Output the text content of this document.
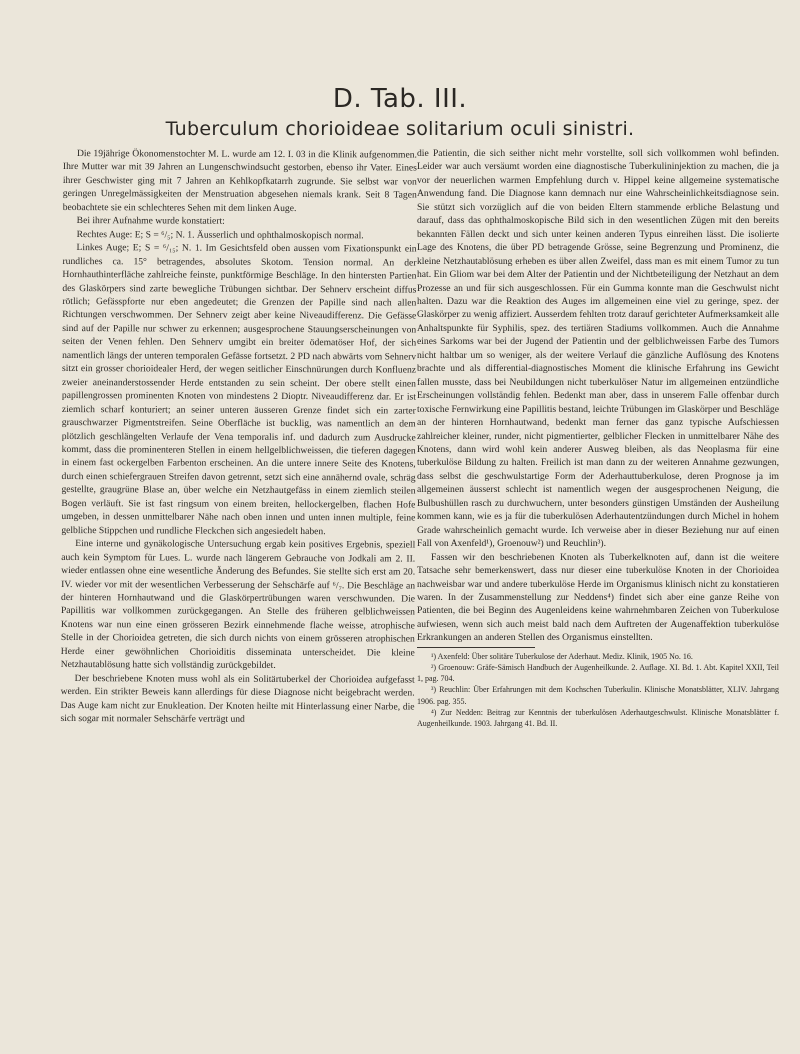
D. Tab. III.
Tuberculum chorioideae solitarium oculi sinistri.

Die 19jährige Ökonomenstochter M. L. wurde am 12. I. 03 in die Klinik aufgenommen. Ihre Mutter war mit 39 Jahren an Lungenschwindsucht gestorben, ebenso ihr Vater. Eines ihrer Geschwister ging mit 7 Jahren an Kehlkopfkatarrh zugrunde. Sie selbst war von geringen Unregelmässigkeiten der Menstruation abgesehen niemals krank. Seit 8 Tagen beobachtete sie ein schlechteres Sehen mit dem linken Auge.

Bei ihrer Aufnahme wurde konstatiert:

Rechtes Auge: E; S = ⁶/₅; N. 1. Äusserlich und ophthalmoskopisch normal.

Linkes Auge; E; S = ⁶/₁₅; N. 1. Im Gesichtsfeld oben aussen vom Fixationspunkt ein rundliches ca. 15° betragendes, absolutes Skotom. Tension normal. An der Hornhauthinterfläche zahlreiche feinste, punktförmige Beschläge. In den hintersten Partien des Glaskörpers sind zarte bewegliche Trübungen sichtbar. Der Sehnerv erscheint diffus rötlich; Gefässpforte nur eben angedeutet; die Grenzen der Papille sind nach allen Richtungen verschwommen. Der Sehnerv zeigt aber keine Niveaudifferenz. Die Gefässe sind auf der Papille nur schwer zu erkennen; ausgesprochene Stauungserscheinungen von seiten der Venen fehlen. Den Sehnerv umgibt ein breiter ödematöser Hof, der sich namentlich längs der unteren temporalen Gefässe fortsetzt. 2 PD nach abwärts vom Sehnerv sitzt ein grosser chorioidealer Herd, der wegen seitlicher Einschnürungen durch Konfluenz zweier aneinanderstossender Herde entstanden zu sein scheint. Der obere stellt einen papillengrossen prominenten Knoten von mindestens 2 Dioptr. Niveaudifferenz dar. Er ist ziemlich scharf konturiert; an seiner unteren äusseren Grenze findet sich ein zarter grauschwarzer Pigmentstreifen. Seine Oberfläche ist bucklig, was namentlich an dem plötzlich geschlängelten Verlaufe der Vena temporalis inf. und dadurch zum Ausdrucke kommt, dass die prominenteren Stellen in einem hellgelblichweissen, die tieferen dagegen in einem fast ockergelben Farbenton erscheinen. An die untere innere Seite des Knotens, durch einen schiefergrauen Streifen davon getrennt, setzt sich eine annähernd ovale, schräg gestellte, graugrüne Blase an, über welche ein Netzhautgefäss in einem ziemlich steilen Bogen verläuft. Sie ist fast ringsum von einem breiten, hellockergelben, flachen Hofe umgeben, in dessen unmittelbarer Nähe nach oben innen und unten innen multiple, feine gelbliche Stippchen und rundliche Fleckchen sich angesiedelt haben.

Eine interne und gynäkologische Untersuchung ergab kein positives Ergebnis, speziell auch kein Symptom für Lues. L. wurde nach längerem Gebrauche von Jodkali am 2. II. wieder entlassen ohne eine wesentliche Änderung des Befundes. Sie stellte sich erst am 20. IV. wieder vor mit der wesentlichen Verbesserung der Sehschärfe auf ⁶/₇. Die Beschläge an der hinteren Hornhautwand und die Glaskörpertrübungen waren verschwunden. Die Papillitis war vollkommen zurückgegangen. An Stelle des früheren gelblichweissen Knotens war nun eine einen grösseren Bezirk einnehmende flache weisse, atrophische Stelle in der Chorioidea getreten, die sich durch nichts von einem grösseren atrophischen Herde einer gewöhnlichen Chorioiditis disseminata unterscheidet. Die kleine Netzhautablösung hatte sich vollständig zurückgebildet.

Der beschriebene Knoten muss wohl als ein Solitärtuberkel der Chorioidea aufgefasst werden. Ein strikter Beweis kann allerdings für diese Diagnose nicht beigebracht werden. Das Auge kam nicht zur Enukleation. Der Knoten heilte mit Hinterlassung einer Narbe, die sich sogar mit normaler Sehschärfe verträgt und

die Patientin, die sich seither nicht mehr vorstellte, soll sich vollkommen wohl befinden. Leider war auch versäumt worden eine diagnostische Tuberkulininjektion zu machen, die ja vor der neuerlichen warmen Empfehlung durch v. Hippel keine allgemeine systematische Anwendung fand. Die Diagnose kann demnach nur eine Wahrscheinlichkeitsdiagnose sein. Sie stützt sich vorzüglich auf die von beiden Eltern stammende erbliche Belastung und darauf, dass das ophthalmoskopische Bild sich in den wesentlichen Zügen mit den bereits bekannten Fällen deckt und sich unter keinen anderen Typus einreihen lässt. Die isolierte Lage des Knotens, die über PD betragende Grösse, seine Begrenzung und Prominenz, die kleine Netzhautablösung erheben es über allen Zweifel, dass man es mit einem Tumor zu tun hat. Ein Gliom war bei dem Alter der Patientin und der Nichtbeteiligung der Netzhaut an dem Prozesse an und für sich ausgeschlossen. Für ein Gumma konnte man die Geschwulst nicht halten. Dazu war die Reaktion des Auges im allgemeinen eine viel zu geringe, spez. der Glaskörper zu wenig affiziert. Ausserdem fehlten trotz darauf gerichteter Aufmerksamkeit alle Anhaltspunkte für Syphilis, spez. des tertiären Stadiums vollkommen. Auch die Annahme eines Sarkoms war bei der Jugend der Patientin und der gelblichweissen Farbe des Tumors nicht haltbar um so weniger, als der weitere Verlauf die gänzliche Auflösung des Knotens brachte und als differential-diagnostisches Moment die klinische Erfahrung ins Gewicht fallen musste, dass bei Neubildungen nicht tuberkulöser Natur im allgemeinen entzündliche Erscheinungen vollständig fehlen. Bedenkt man aber, dass in unserem Falle offenbar durch toxische Fernwirkung eine Papillitis bestand, leichte Trübungen im Glaskörper und Beschläge an der hinteren Hornhautwand, bedenkt man ferner das ganz typische Aufschiessen zahlreicher kleiner, runder, nicht pigmentierter, gelblicher Flecken in unmittelbarer Nähe des Knotens, dann wird wohl kein anderer Ausweg bleiben, als das Neoplasma für eine tuberkulöse Bildung zu halten. Freilich ist man dann zu der weiteren Annahme gezwungen, dass selbst die geschwulstartige Form der Aderhauttuberkulose, deren Prognose ja im allgemeinen äusserst schlecht ist namentlich wegen der ausgesprochenen Neigung, die Bulbushüllen rasch zu durchwuchern, unter besonders günstigen Umständen der Ausheilung kommen kann, wie es ja für die tuberkulösen Aderhautentzündungen durch Michel in hohem Grade wahrscheinlich gemacht wurde. Ich verweise aber in dieser Beziehung nur auf einen Fall von Axenfeld¹), Groenouw²) und Reuchlin³).

Fassen wir den beschriebenen Knoten als Tuberkelknoten auf, dann ist die weitere Tatsache sehr bemerkenswert, dass nur dieser eine tuberkulöse Knoten in der Chorioidea nachweisbar war und andere tuberkulöse Herde im Organismus klinisch nicht zu konstatieren waren. In der Zusammenstellung zur Neddens⁴) findet sich aber eine ganze Reihe von Patienten, die bei Beginn des Augenleidens keine wahrnehmbaren Zeichen von Tuberkulose aufwiesen, wenn sich auch meist bald nach dem Auftreten der Augenaffektion tuberkulöse Erkrankungen an anderen Stellen des Organismus einstellten.

¹) Axenfeld: Über solitäre Tuberkulose der Aderhaut. Mediz. Klinik, 1905 No. 16.

²) Groenouw: Gräfe-Sämisch Handbuch der Augenheilkunde. 2. Auflage. XI. Bd. 1. Abt. Kapitel XXII, Teil 1, pag. 704.

³) Reuchlin: Über Erfahrungen mit dem Kochschen Tuberkulin. Klinische Monatsblätter, XLIV. Jahrgang 1906. pag. 355.

⁴) Zur Nedden: Beitrag zur Kenntnis der tuberkulösen Aderhautgeschwulst. Klinische Monatsblätter f. Augenheilkunde. 1903. Jahrgang 41. Bd. II.
